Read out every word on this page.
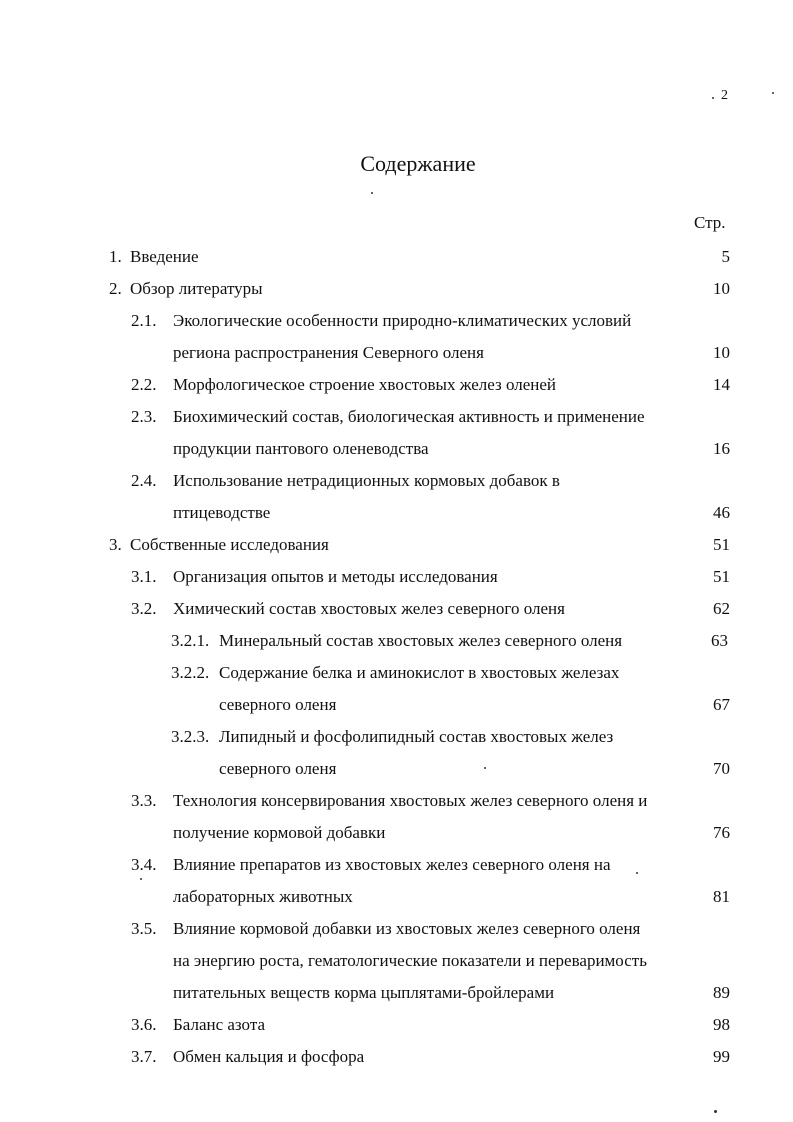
2
Содержание
Стр.
1. Введение	5
2. Обзор литературы	10
2.1. Экологические особенности природно-климатических условий
региона распространения Северного оленя	10
2.2. Морфологическое строение хвостовых желез оленей	14
2.3. Биохимический состав, биологическая активность и применение
продукции пантового оленеводства	16
2.4. Использование нетрадиционных кормовых добавок в
птицеводстве	46
3. Собственные исследования	51
3.1. Организация опытов и методы исследования	51
3.2. Химический состав хвостовых желез северного оленя	62
3.2.1. Минеральный состав хвостовых желез северного оленя	63
3.2.2. Содержание белка и аминокислот в хвостовых железах
северного оленя	67
3.2.3. Липидный и фосфолипидный состав хвостовых желез
северного оленя	70
3.3. Технология консервирования хвостовых желез северного оленя и
получение кормовой добавки	76
3.4. Влияние препаратов из хвостовых желез северного оленя на
лабораторных животных	81
3.5. Влияние кормовой добавки из хвостовых желез северного оленя
на энергию роста, гематологические показатели и переваримость
питательных веществ корма цыплятами-бройлерами	89
3.6. Баланс азота	98
3.7. Обмен кальция и фосфора	99
